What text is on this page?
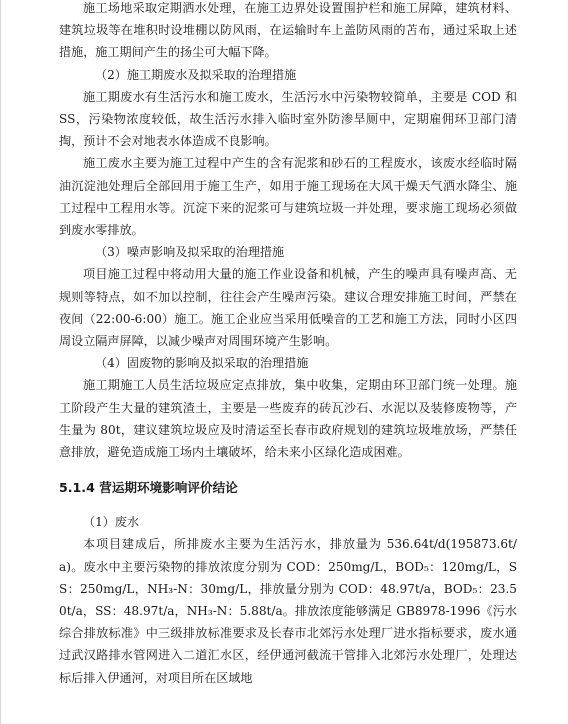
施工场地采取定期洒水处理，在施工边界处设置围护栏和施工屏障，建筑材料、建筑垃圾等在堆积时设堆棚以防风雨，在运输时车上盖防风雨的苫布，通过采取上述措施，施工期间产生的扬尘可大幅下降。

（2）施工期废水及拟采取的治理措施

施工期废水有生活污水和施工废水，生活污水中污染物较简单，主要是 COD 和 SS，污染物浓度较低，故生活污水排入临时室外防渗旱厕中，定期雇佣环卫部门清掏，预计不会对地表水体造成不良影响。

施工废水主要为施工过程中产生的含有泥浆和砂石的工程废水，该废水经临时隔油沉淀池处理后全部回用于施工生产，如用于施工现场在大风干燥天气洒水降尘、施工过程中工程用水等。沉淀下来的泥浆可与建筑垃圾一并处理，要求施工现场必须做到废水零排放。

（3）噪声影响及拟采取的治理措施

项目施工过程中将动用大量的施工作业设备和机械，产生的噪声具有噪声高、无规则等特点，如不加以控制，往往会产生噪声污染。建议合理安排施工时间，严禁在夜间（22:00-6:00）施工。施工企业应当采用低噪音的工艺和施工方法，同时小区四周设立隔声屏障，以减少噪声对周围环境产生影响。

（4）固废物的影响及拟采取的治理措施

施工期施工人员生活垃圾应定点排放，集中收集，定期由环卫部门统一处理。施工阶段产生大量的建筑渣土，主要是一些废弃的砖瓦沙石、水泥以及装修废物等，产生量为 80t，建议建筑垃圾应及时清运至长春市政府规划的建筑垃圾堆放场，严禁任意排放，避免造成施工场内土壤破坏，给未来小区绿化造成困难。

5.1.4 营运期环境影响评价结论

（1）废水

本项目建成后，所排废水主要为生活污水，排放量为 536.64t/d(195873.6t/a)。废水中主要污染物的排放浓度分别为 COD：250mg/L，BOD₅：120mg/L，SS：250mg/L，NH₃-N：30mg/L，排放量分别为 COD：48.97t/a，BOD₅：23.50t/a，SS：48.97t/a，NH₃-N：5.88t/a。排放浓度能够满足 GB8978-1996《污水综合排放标准》中三级排放标准要求及长春市北郊污水处理厂进水指标要求，废水通过武汉路排水管网进入二道汇水区，经伊通河截流干管排入北郊污水处理厂，处理达标后排入伊通河，对项目所在区域地
